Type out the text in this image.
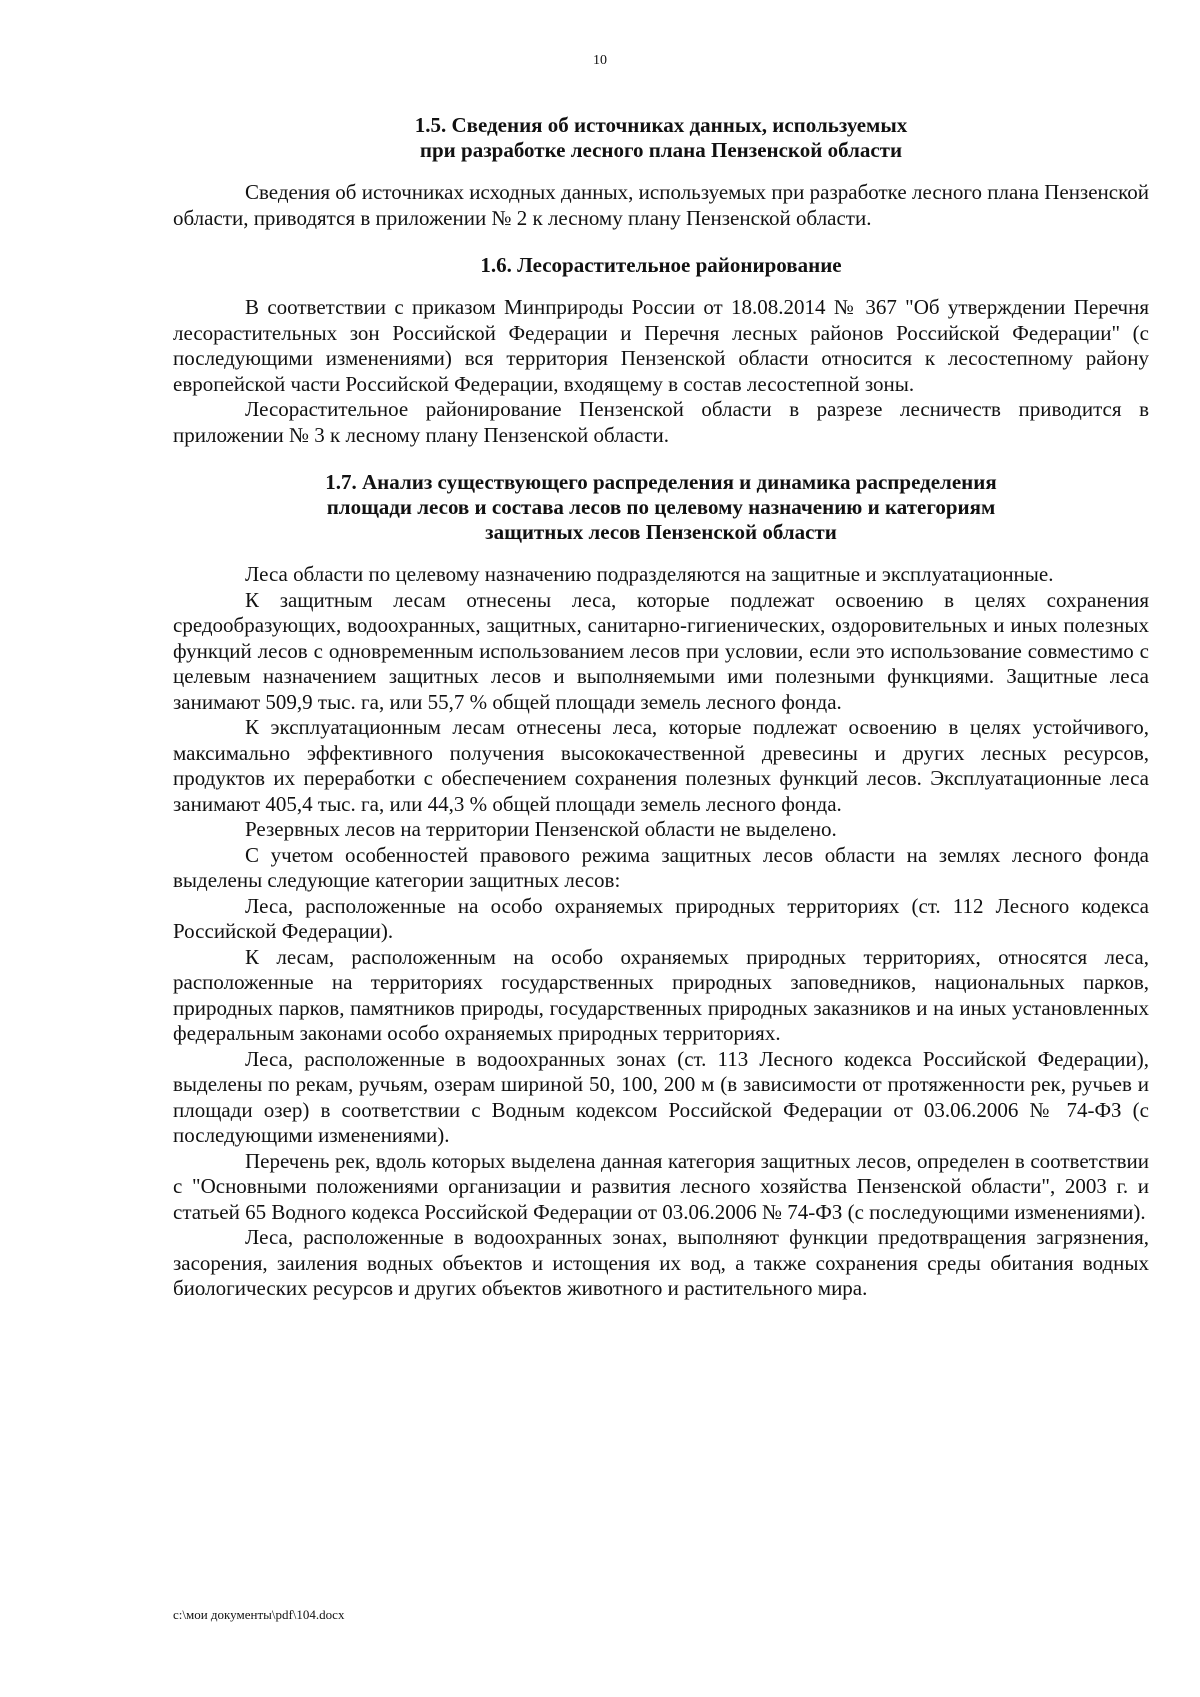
10
1.5. Сведения об источниках данных, используемых
при разработке лесного плана Пензенской области

Сведения об источниках исходных данных, используемых при разработке лесного плана Пензенской области, приводятся в приложении № 2 к лесному плану Пензенской области.

1.6. Лесорастительное районирование

В соответствии с приказом Минприроды России от 18.08.2014 № 367 "Об утверждении Перечня лесорастительных зон Российской Федерации и Перечня лесных районов Российской Федерации" (с последующими изменениями) вся территория Пензенской области относится к лесостепному району европейской части Российской Федерации, входящему в состав лесостепной зоны.

Лесорастительное районирование Пензенской области в разрезе лесничеств приводится в приложении № 3 к лесному плану Пензенской области.

1.7. Анализ существующего распределения и динамика распределения
площади лесов и состава лесов по целевому назначению и категориям
защитных лесов Пензенской области

Леса области по целевому назначению подразделяются на защитные и эксплуатационные.

К защитным лесам отнесены леса, которые подлежат освоению в целях сохранения средообразующих, водоохранных, защитных, санитарно-гигиенических, оздоровительных и иных полезных функций лесов с одновременным использованием лесов при условии, если это использование совместимо с целевым назначением защитных лесов и выполняемыми ими полезными функциями. Защитные леса занимают 509,9 тыс. га, или 55,7 % общей площади земель лесного фонда.

К эксплуатационным лесам отнесены леса, которые подлежат освоению в целях устойчивого, максимально эффективного получения высококачественной древесины и других лесных ресурсов, продуктов их переработки с обеспечением сохранения полезных функций лесов. Эксплуатационные леса занимают 405,4 тыс. га, или 44,3 % общей площади земель лесного фонда.

Резервных лесов на территории Пензенской области не выделено.

С учетом особенностей правового режима защитных лесов области на землях лесного фонда выделены следующие категории защитных лесов:

Леса, расположенные на особо охраняемых природных территориях (ст. 112 Лесного кодекса Российской Федерации).

К лесам, расположенным на особо охраняемых природных территориях, относятся леса, расположенные на территориях государственных природных заповедников, национальных парков, природных парков, памятников природы, государственных природных заказников и на иных установленных федеральным законами особо охраняемых природных территориях.

Леса, расположенные в водоохранных зонах (ст. 113 Лесного кодекса Российской Федерации), выделены по рекам, ручьям, озерам шириной 50, 100, 200 м (в зависимости от протяженности рек, ручьев и площади озер) в соответствии с Водным кодексом Российской Федерации от 03.06.2006 № 74-ФЗ (с последующими изменениями).

Перечень рек, вдоль которых выделена данная категория защитных лесов, определен в соответствии с "Основными положениями организации и развития лесного хозяйства Пензенской области", 2003 г. и статьей 65 Водного кодекса Российской Федерации от 03.06.2006 № 74-ФЗ (с последующими изменениями).

Леса, расположенные в водоохранных зонах, выполняют функции предотвращения загрязнения, засорения, заиления водных объектов и истощения их вод, а также сохранения среды обитания водных биологических ресурсов и других объектов животного и растительного мира.

c:\мои документы\pdf\104.docx
